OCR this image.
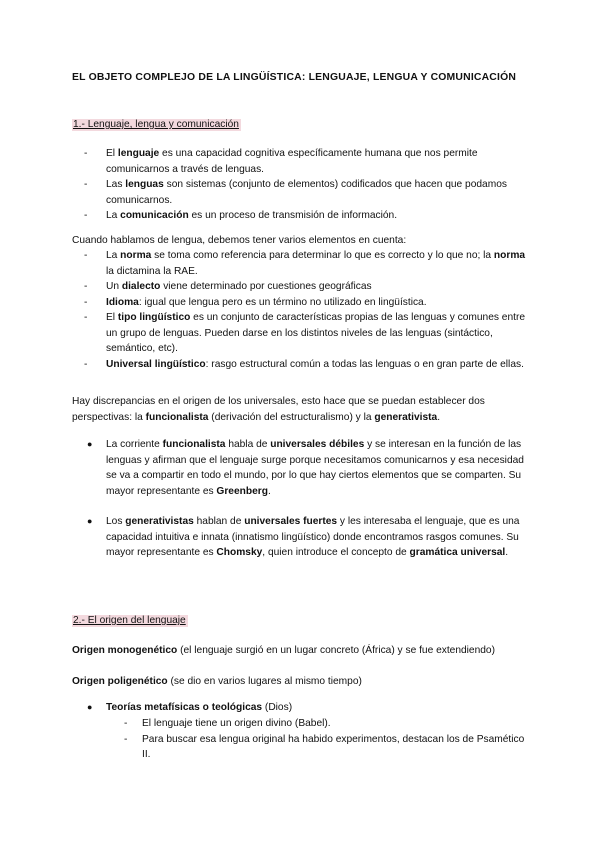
EL OBJETO COMPLEJO DE LA LINGÜÍSTICA: LENGUAJE, LENGUA Y COMUNICACIÓN
1.- Lenguaje, lengua y comunicación
- El lenguaje es una capacidad cognitiva específicamente humana que nos permite comunicarnos a través de lenguas.
- Las lenguas son sistemas (conjunto de elementos) codificados que hacen que podamos comunicarnos.
- La comunicación es un proceso de transmisión de información.
Cuando hablamos de lengua, debemos tener varios elementos en cuenta:
- La norma se toma como referencia para determinar lo que es correcto y lo que no; la norma la dictamina la RAE.
- Un dialecto viene determinado por cuestiones geográficas
- Idioma: igual que lengua pero es un término no utilizado en lingüística.
- El tipo lingüístico es un conjunto de características propias de las lenguas y comunes entre un grupo de lenguas. Pueden darse en los distintos niveles de las lenguas (sintáctico, semántico, etc).
- Universal lingüístico: rasgo estructural común a todas las lenguas o en gran parte de ellas.
Hay discrepancias en el origen de los universales, esto hace que se puedan establecer dos perspectivas: la funcionalista (derivación del estructuralismo) y la generativista.
● La corriente funcionalista habla de universales débiles y se interesan en la función de las lenguas y afirman que el lenguaje surge porque necesitamos comunicarnos y esa necesidad se va a compartir en todo el mundo, por lo que hay ciertos elementos que se comparten. Su mayor representante es Greenberg.
● Los generativistas hablan de universales fuertes y les interesaba el lenguaje, que es una capacidad intuitiva e innata (innatismo lingüístico) donde encontramos rasgos comunes. Su mayor representante es Chomsky, quien introduce el concepto de gramática universal.
2.- El origen del lenguaje
Origen monogenético (el lenguaje surgió en un lugar concreto (África) y se fue extendiendo)
Origen poligenético (se dio en varios lugares al mismo tiempo)
● Teorías metafísicas o teológicas (Dios)
- El lenguaje tiene un origen divino (Babel).
- Para buscar esa lengua original ha habido experimentos, destacan los de Psamético II.
